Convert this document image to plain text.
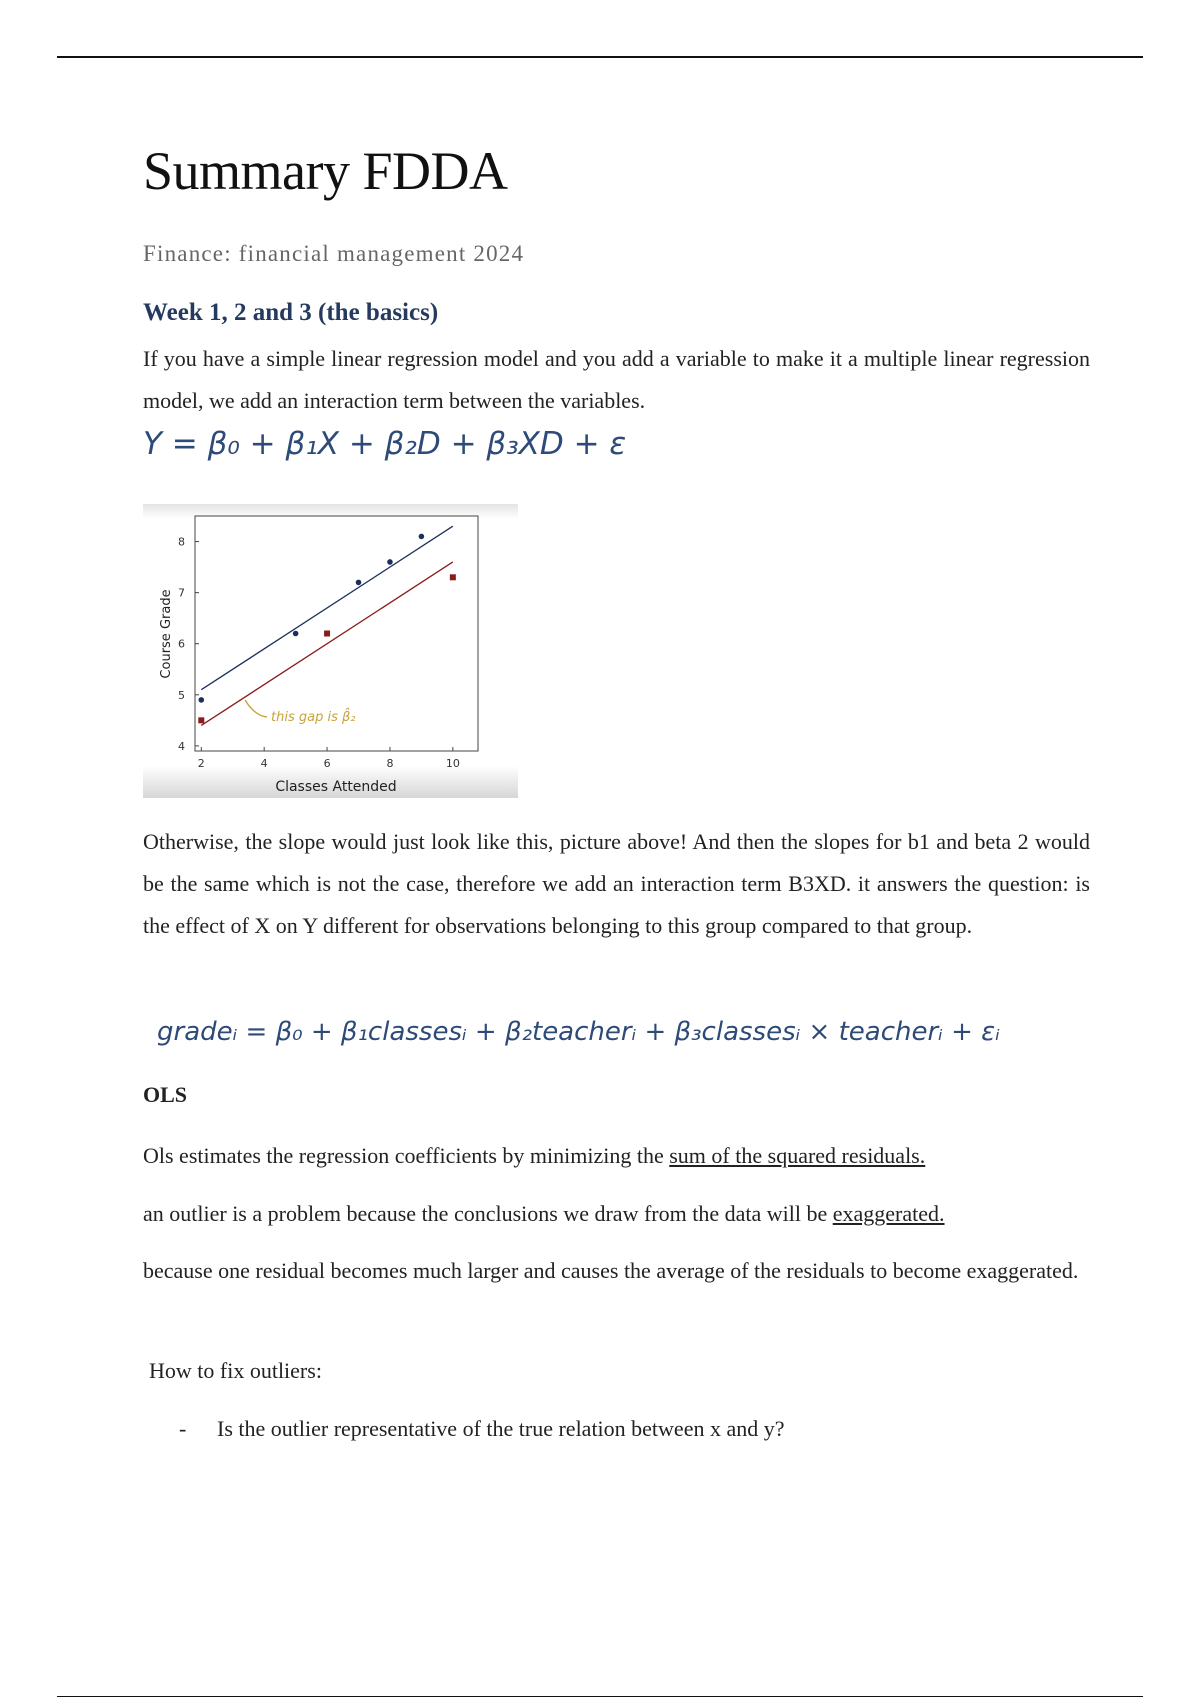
Summary FDDA
Finance: financial management 2024
Week 1, 2 and 3 (the basics)
If you have a simple linear regression model and you add a variable to make it a multiple linear regression model, we add an interaction term between the variables.
Y = β₀ + β₁X + β₂D + β₃XD + ε
2	4	6	8	10
4
5
6
7
8
Classes Attended
Course Grade
this gap is β̂₂
Otherwise, the slope would just look like this, picture above! And then the slopes for b1 and beta 2 would be the same which is not the case, therefore we add an interaction term B3XD. it answers the question: is the effect of X on Y different for observations belonging to this group compared to that group.
gradeᵢ = β₀ + β₁classesᵢ + β₂teacherᵢ + β₃classesᵢ × teacherᵢ + εᵢ
OLS
Ols estimates the regression coefficients by minimizing the sum of the squared residuals.
an outlier is a problem because the conclusions we draw from the data will be exaggerated.
because one residual becomes much larger and causes the average of the residuals to become exaggerated.
How to fix outliers:
- Is the outlier representative of the true relation between x and y?
